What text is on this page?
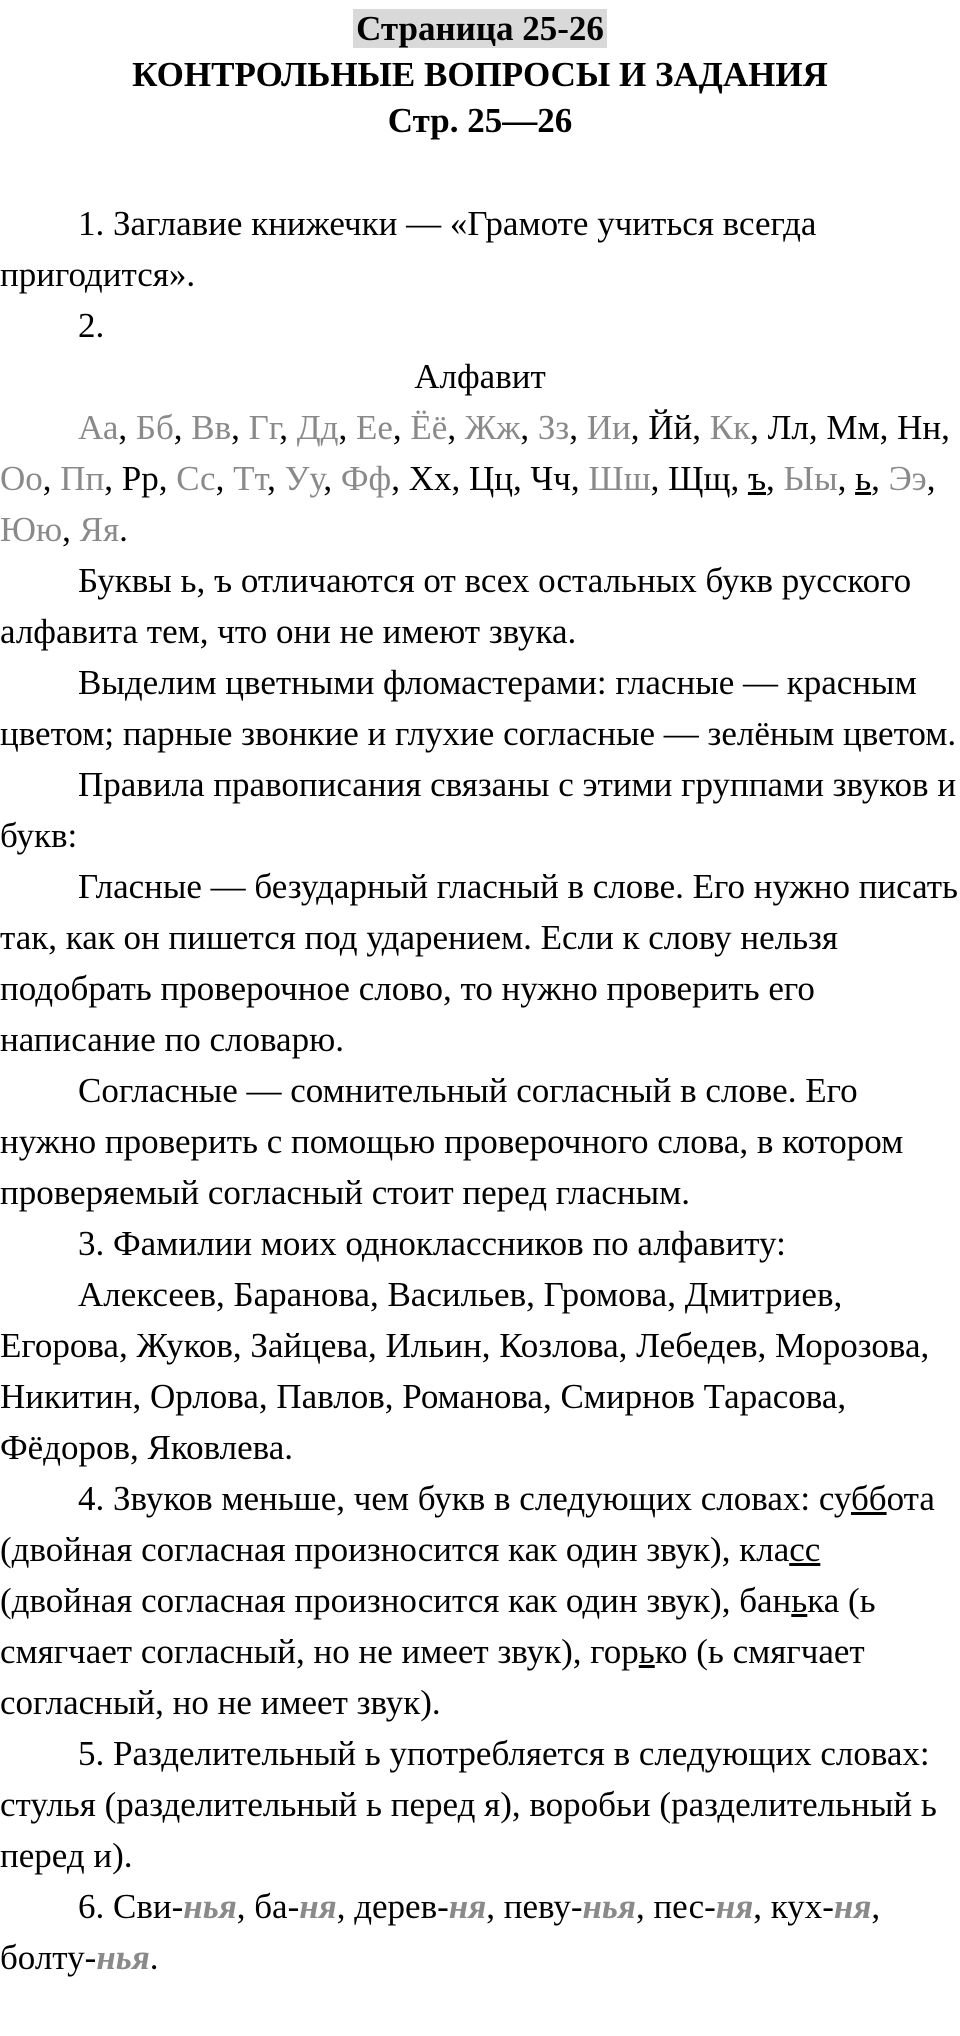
Страница 25-26
КОНТРОЛЬНЫЕ ВОПРОСЫ И ЗАДАНИЯ
Стр. 25—26

1. Заглавие книжечки — «Грамоте учиться всегда пригодится».

2.

Алфавит

Аа, Бб, Вв, Гг, Дд, Ее, Ёё, Жж, Зз, Ии, Йй, Кк, Лл, Мм, Нн, Оо, Пп, Рр, Сс, Тт, Уу, Фф, Хх, Цц, Чч, Шш, Щщ, ъ, Ыы, ь, Ээ, Юю, Яя.

Буквы ь, ъ отличаются от всех остальных букв русского алфавита тем, что они не имеют звука.

Выделим цветными фломастерами: гласные — красным цветом; парные звонкие и глухие согласные — зелёным цветом.

Правила правописания связаны с этими группами звуков и букв:

Гласные — безударный гласный в слове. Его нужно писать так, как он пишется под ударением. Если к слову нельзя подобрать проверочное слово, то нужно проверить его написание по словарю.

Согласные — сомнительный согласный в слове. Его нужно проверить с помощью проверочного слова, в котором проверяемый согласный стоит перед гласным.

3. Фамилии моих одноклассников по алфавиту:

Алексеев, Баранова, Васильев, Громова, Дмитриев, Егорова, Жуков, Зайцева, Ильин, Козлова, Лебедев, Морозова, Никитин, Орлова, Павлов, Романова, Смирнов Тарасова, Фёдоров, Яковлева.

4. Звуков меньше, чем букв в следующих словах: суббота (двойная согласная произносится как один звук), класс (двойная согласная произносится как один звук), банька (ь смягчает согласный, но не имеет звук), горько (ь смягчает согласный, но не имеет звук).

5. Разделительный ь употребляется в следующих словах: стулья (разделительный ь перед я), воробьи (разделительный ь перед и).

6. Сви-нья, ба-ня, дерев-ня, певу-нья, пес-ня, кух-ня, болту-нья.
